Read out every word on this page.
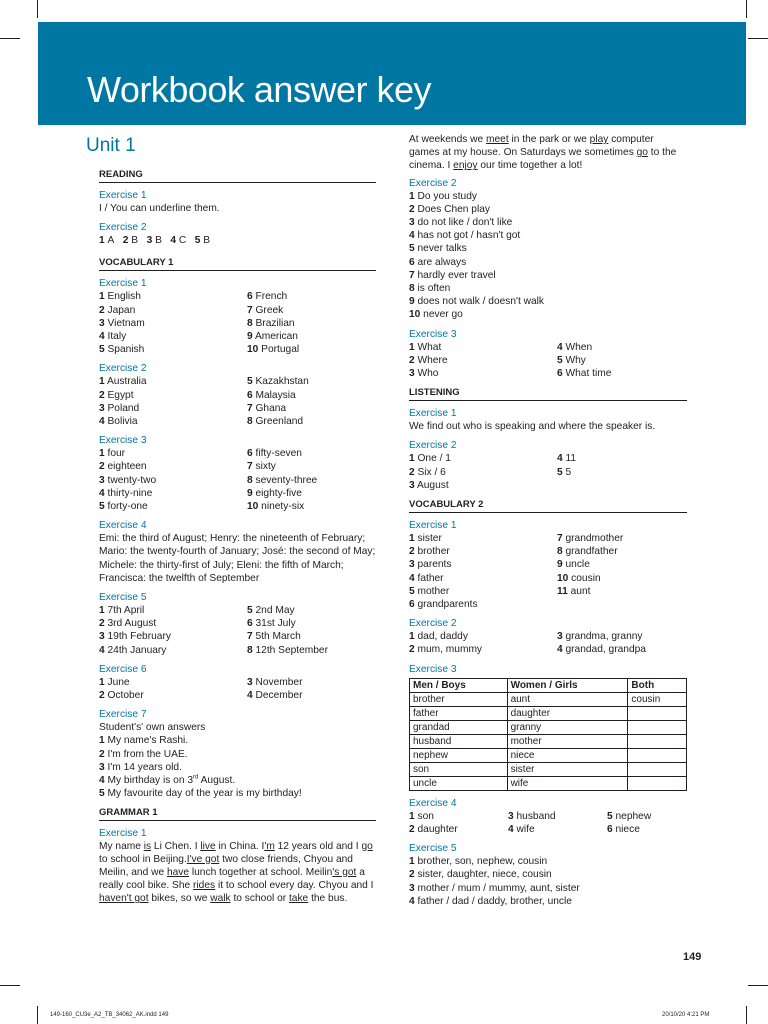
Workbook answer key
Unit 1
READING
Exercise 1
I / You can underline them.
Exercise 2
1 A   2 B   3 B   4 C   5 B
VOCABULARY 1
Exercise 1
1 English
2 Japan
3 Vietnam
4 Italy
5 Spanish
6 French
7 Greek
8 Brazilian
9 American
10 Portugal
Exercise 2
1 Australia
2 Egypt
3 Poland
4 Bolivia
5 Kazakhstan
6 Malaysia
7 Ghana
8 Greenland
Exercise 3
1 four
2 eighteen
3 twenty-two
4 thirty-nine
5 forty-one
6 fifty-seven
7 sixty
8 seventy-three
9 eighty-five
10 ninety-six
Exercise 4
Emi: the third of August; Henry: the nineteenth of February; Mario: the twenty-fourth of January; José: the second of May; Michele: the thirty-first of July; Eleni: the fifth of March; Francisca: the twelfth of September
Exercise 5
1 7th April
2 3rd August
3 19th February
4 24th January
5 2nd May
6 31st July
7 5th March
8 12th September
Exercise 6
1 June
2 October
3 November
4 December
Exercise 7
Student's' own answers
1 My name's Rashi.
2 I'm from the UAE.
3 I'm 14 years old.
4 My birthday is on 3rd August.
5 My favourite day of the year is my birthday!
GRAMMAR 1
Exercise 1
My name is Li Chen. I live in China. I'm 12 years old and I go to school in Beijing.I've got two close friends, Chyou and Meilin, and we have lunch together at school. Meilin's got a really cool bike. She rides it to school every day. Chyou and I haven't got bikes, so we walk to school or take the bus.
At weekends we meet in the park or we play computer games at my house. On Saturdays we sometimes go to the cinema. I enjoy our time together a lot!
Exercise 2
1 Do you study
2 Does Chen play
3 do not like / don't like
4 has not got / hasn't got
5 never talks
6 are always
7 hardly ever travel
8 is often
9 does not walk / doesn't walk
10 never go
Exercise 3
1 What
2 Where
3 Who
4 When
5 Why
6 What time
LISTENING
Exercise 1
We find out who is speaking and where the speaker is.
Exercise 2
1 One / 1
2 Six / 6
3 August
4 11
5 5
VOCABULARY 2
Exercise 1
1 sister
2 brother
3 parents
4 father
5 mother
6 grandparents
7 grandmother
8 grandfather
9 uncle
10 cousin
11 aunt
Exercise 2
1 dad, daddy
2 mum, mummy
3 grandma, granny
4 grandad, grandpa
Exercise 3
Men / Boys	Women / Girls	Both
brother	aunt	cousin
father	daughter	
grandad	granny	
husband	mother	
nephew	niece	
son	sister	
uncle	wife	
Exercise 4
1 son
2 daughter
3 husband
4 wife
5 nephew
6 niece
Exercise 5
1 brother, son, nephew, cousin
2 sister, daughter, niece, cousin
3 mother / mum / mummy, aunt, sister
4 father / dad / daddy, brother, uncle
149
149-160_CU3e_A2_TB_34062_AK.indd 149	20/10/20 4:21 PM
